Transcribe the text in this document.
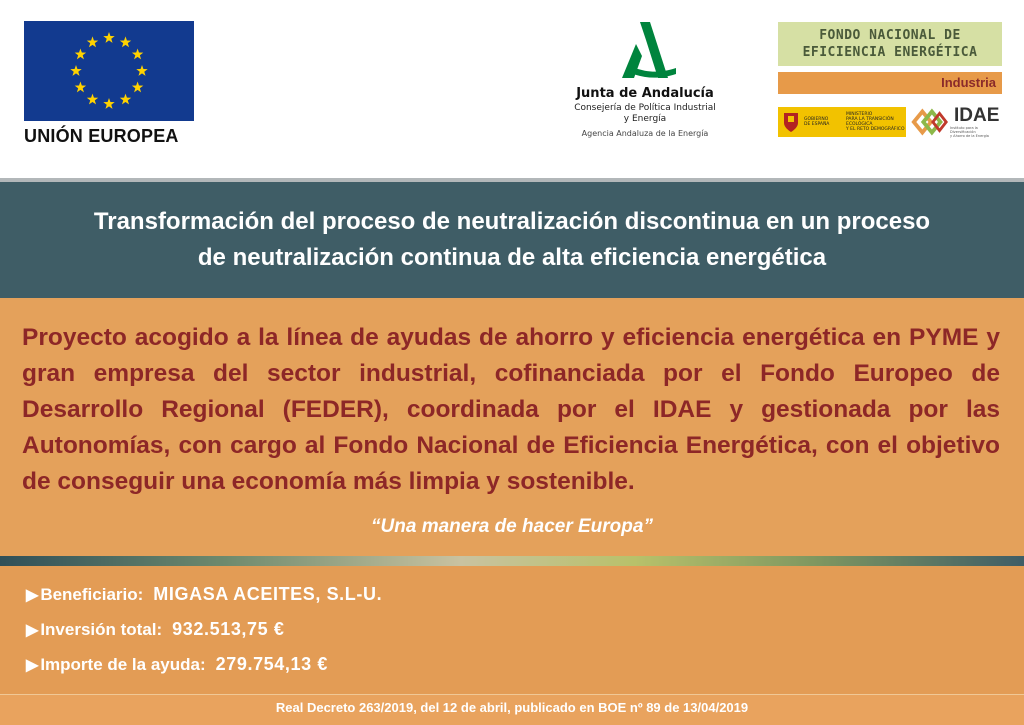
UNIÓN EUROPEA
Junta de Andalucía
Consejería de Política Industrial
y Energía
Agencia Andaluza de la Energía
FONDO NACIONAL DE
EFICIENCIA ENERGÉTICA
Industria
GOBIERNO
DE ESPAÑA
MINISTERIO
PARA LA TRANSICIÓN ECOLÓGICA
Y EL RETO DEMOGRÁFICO
IDAE
Instituto para la Diversificación
y Ahorro de la Energía
Transformación del proceso de neutralización discontinua en un proceso
de neutralización continua de alta eficiencia energética
Proyecto acogido a la línea de ayudas de ahorro y eficiencia energética en PYME y gran empresa del sector industrial, cofinanciada por el Fondo Europeo de Desarrollo Regional (FEDER), coordinada por el IDAE y gestionada por las Autonomías, con cargo al Fondo Nacional de Eficiencia Energética, con el objetivo de conseguir una economía más limpia y sostenible.
“Una manera de hacer Europa”
▶ Beneficiario: MIGASA ACEITES, S.L-U.
▶ Inversión total: 932.513,75 €
▶ Importe de la ayuda: 279.754,13 €
Real Decreto 263/2019, del 12 de abril, publicado en BOE nº 89 de 13/04/2019
